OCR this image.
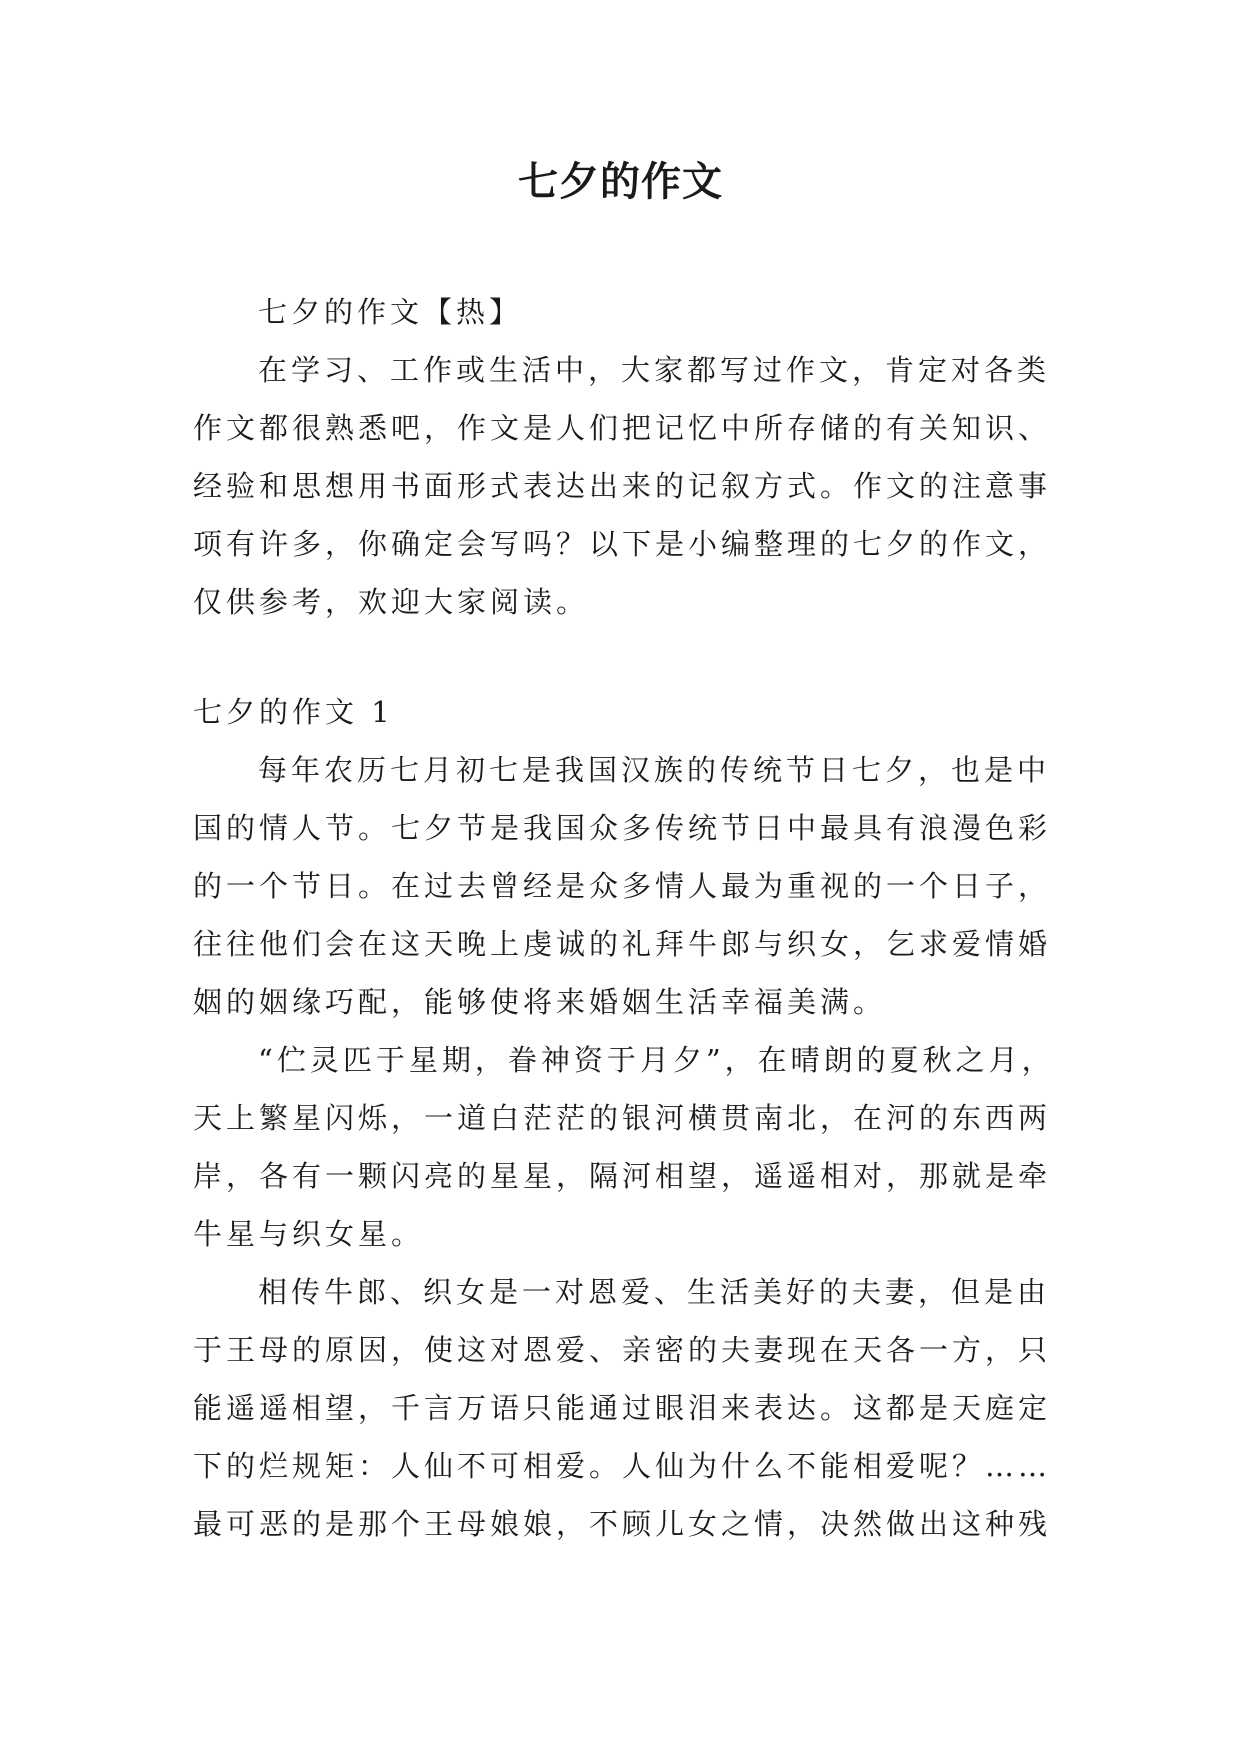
七夕的作文
七夕的作文【热】
在学习、工作或生活中，大家都写过作文，肯定对各类
作文都很熟悉吧，作文是人们把记忆中所存储的有关知识、
经验和思想用书面形式表达出来的记叙方式。作文的注意事
项有许多，你确定会写吗？以下是小编整理的七夕的作文，
仅供参考，欢迎大家阅读。
七夕的作文 1
每年农历七月初七是我国汉族的传统节日七夕，也是中
国的情人节。七夕节是我国众多传统节日中最具有浪漫色彩
的一个节日。在过去曾经是众多情人最为重视的一个日子，
往往他们会在这天晚上虔诚的礼拜牛郎与织女，乞求爱情婚
姻的姻缘巧配，能够使将来婚姻生活幸福美满。
“伫灵匹于星期，眷神资于月夕”，在晴朗的夏秋之月，
天上繁星闪烁，一道白茫茫的银河横贯南北，在河的东西两
岸，各有一颗闪亮的星星，隔河相望，遥遥相对，那就是牵
牛星与织女星。
相传牛郎、织女是一对恩爱、生活美好的夫妻，但是由
于王母的原因，使这对恩爱、亲密的夫妻现在天各一方，只
能遥遥相望，千言万语只能通过眼泪来表达。这都是天庭定
下的烂规矩：人仙不可相爱。人仙为什么不能相爱呢？……
最可恶的是那个王母娘娘，不顾儿女之情，决然做出这种残
